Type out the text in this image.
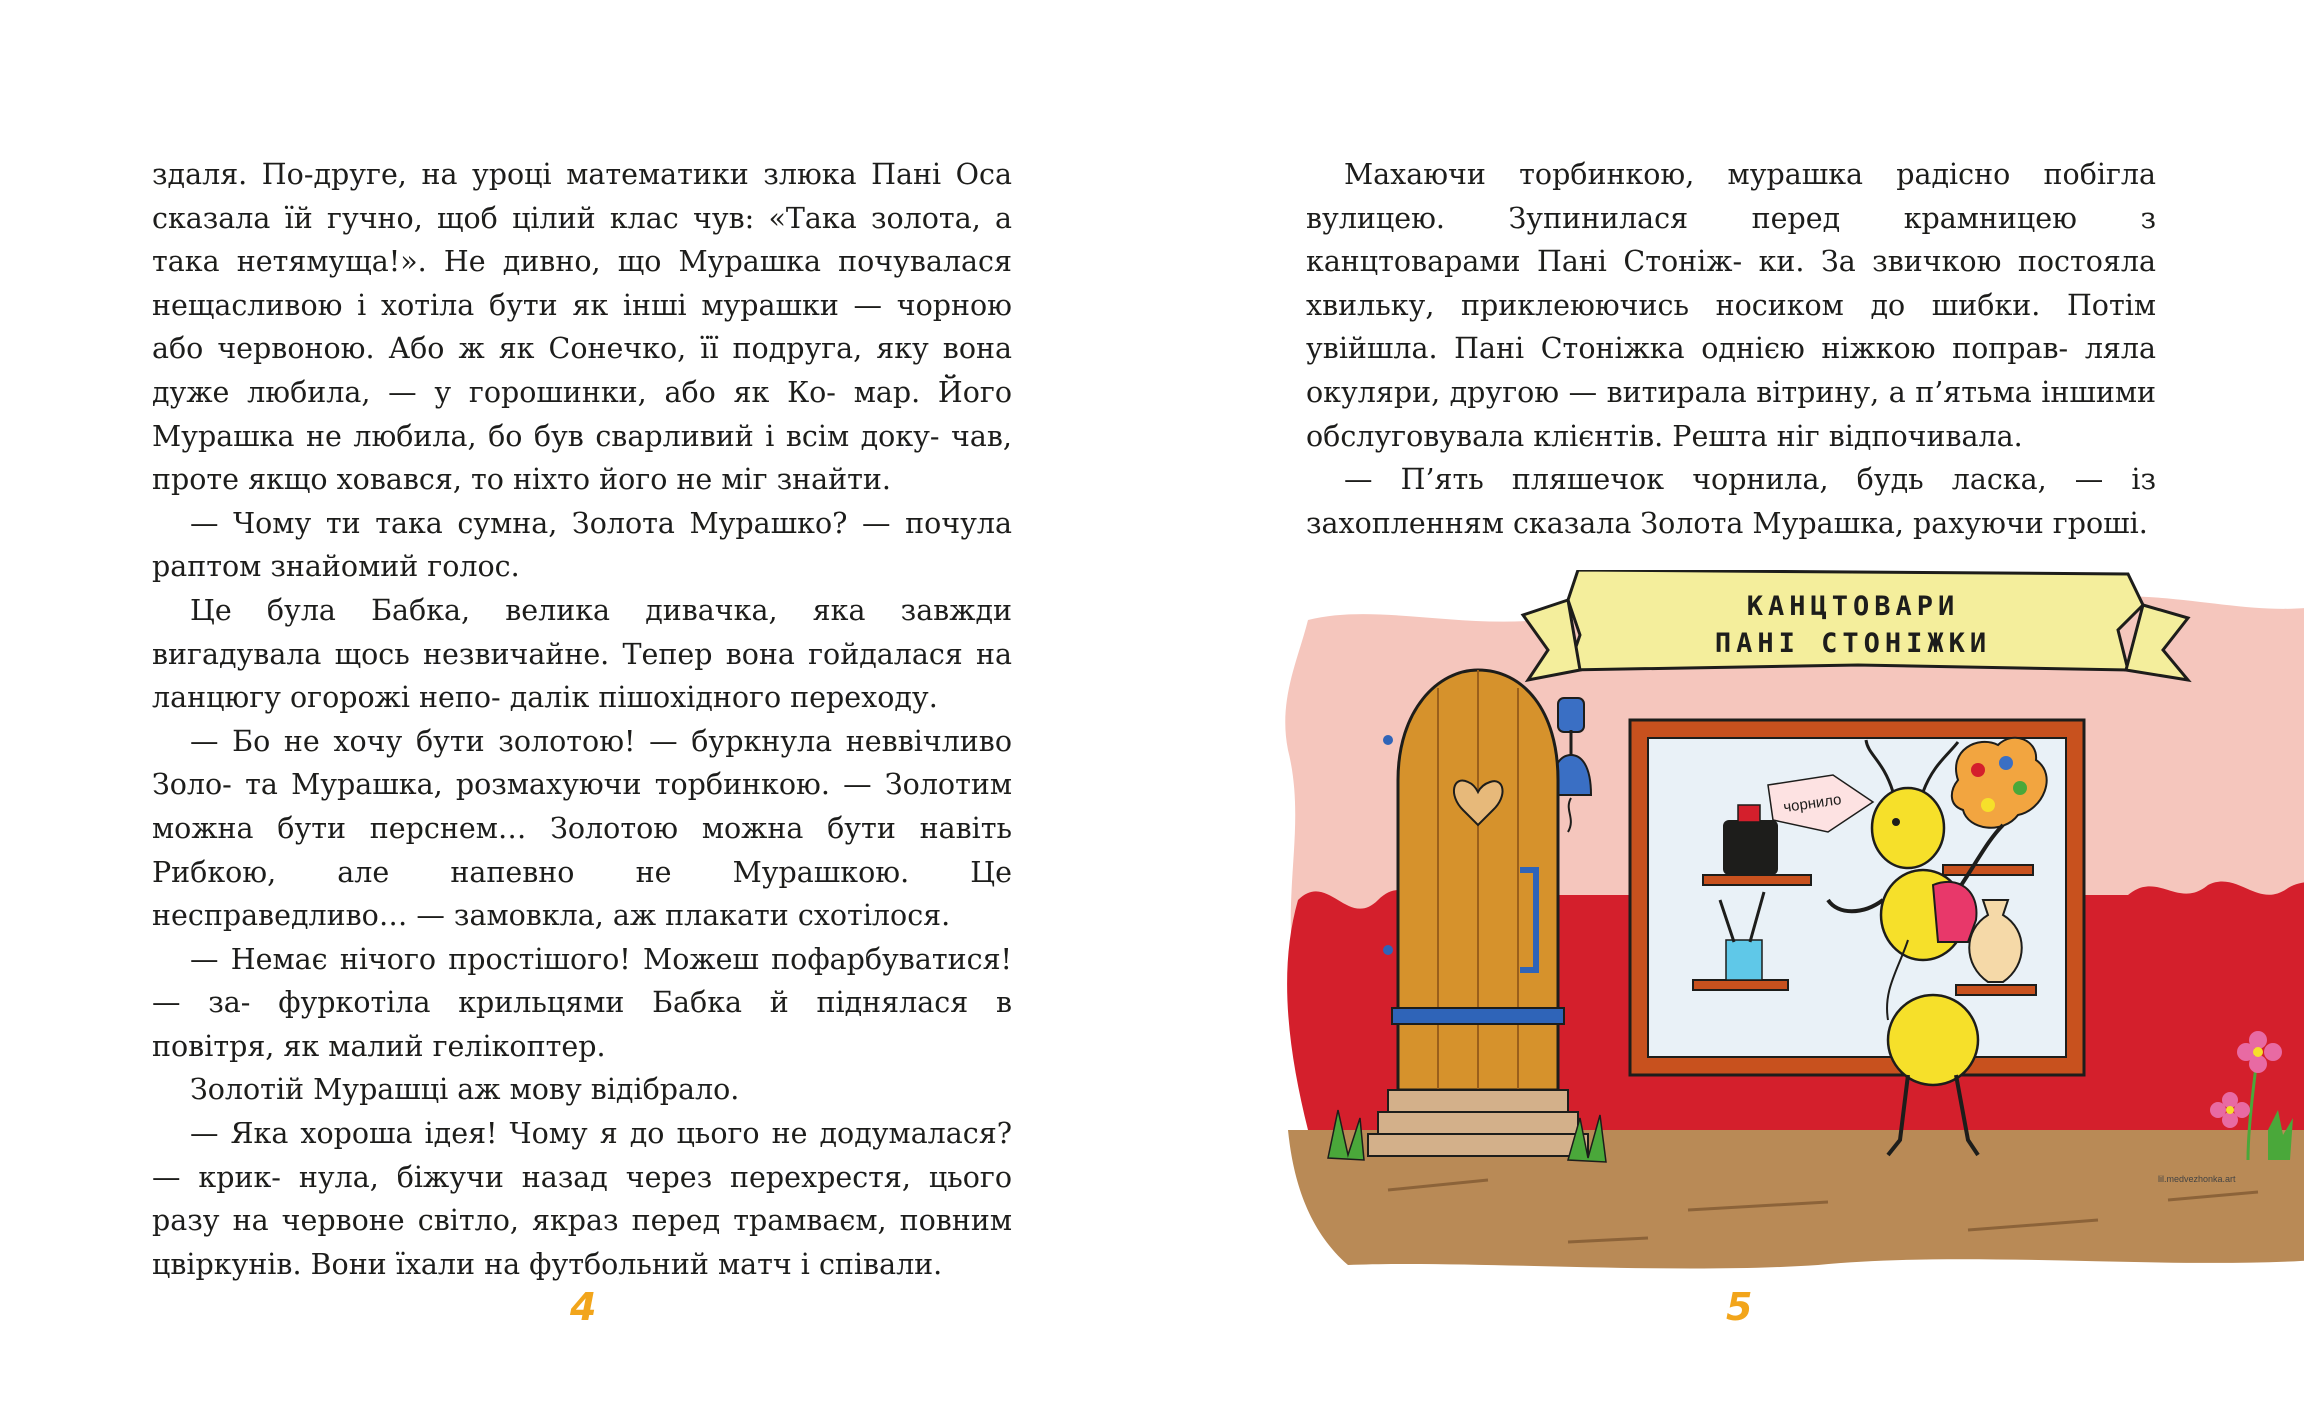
здаля. По-друге, на уроці математики злюка Пані Оса сказала їй гучно, щоб цілий клас чув: «Така золота, а така нетямуща!». Не дивно, що Мурашка почувалася нещасливою і хотіла бути як інші мурашки — чорною або червоною. Або ж як Сонечко, її подруга, яку вона дуже любила, — у горошинки, або як Ко- мар. Його Мурашка не любила, бо був сварливий і всім доку- чав, проте якщо ховався, то ніхто його не міг знайти.

— Чому ти така сумна, Золота Мурашко? — почула раптом знайомий голос.

Це була Бабка, велика дивачка, яка завжди вигадувала щось незвичайне. Тепер вона гойдалася на ланцюгу огорожі непо- далік пішохідного переходу.

— Бо не хочу бути золотою! — буркнула неввічливо Золо- та Мурашка, розмахуючи торбинкою. — Золотим можна бути перснем… Золотою можна бути навіть Рибкою, але напевно не Мурашкою. Це несправедливо… — замовкла, аж плакати схотілося.

— Немає нічого простішого! Можеш пофарбуватися! — за- фуркотіла крильцями Бабка й піднялася в повітря, як малий гелікоптер.

Золотій Мурашці аж мову відібрало.

— Яка хороша ідея! Чому я до цього не додумалася? — крик- нула, біжучи назад через перехрестя, цього разу на червоне світло, якраз перед трамваєм, повним цвіркунів. Вони їхали на футбольний матч і співали.

4

Махаючи торбинкою, мурашка радісно побігла вулицею. Зупинилася перед крамницею з канцтоварами Пані Стоніж- ки. За звичкою постояла хвильку, приклеюючись носиком до шибки. Потім увійшла. Пані Стоніжка однією ніжкою поправ- ляла окуляри, другою — витирала вітрину, а п’ятьма іншими обслуговувала клієнтів. Решта ніг відпочивала.

— П’ять пляшечок чорнила, будь ласка, — із захопленням сказала Золота Мурашка, рахуючи гроші.

КАНЦТОВАРИ
ПАНІ СТОНІЖКИ
чорнило
lil.medvezhonka.art
5
